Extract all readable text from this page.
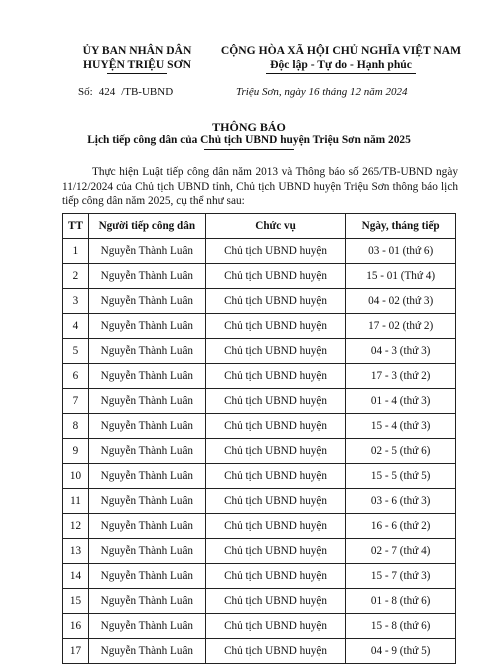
ỦY BAN NHÂN DÂN
HUYỆN TRIỆU SƠN
CỘNG HÒA XÃ HỘI CHỦ NGHĨA VIỆT NAM
Độc lập - Tự do - Hạnh phúc
Số: 424 /TB-UBND	Triệu Sơn, ngày 16 tháng 12 năm 2024
THÔNG BÁO
Lịch tiếp công dân của Chủ tịch UBND huyện Triệu Sơn năm 2025

Thực hiện Luật tiếp công dân năm 2013 và Thông báo số 265/TB-UBND ngày 11/12/2024 của Chủ tịch UBND tỉnh, Chủ tịch UBND huyện Triệu Sơn thông báo lịch tiếp công dân năm 2025, cụ thể như sau:

TT	Người tiếp công dân	Chức vụ	Ngày, tháng tiếp
1	Nguyễn Thành Luân	Chủ tịch UBND huyện	03 - 01 (thứ 6)
2	Nguyễn Thành Luân	Chủ tịch UBND huyện	15 - 01 (Thứ 4)
3	Nguyễn Thành Luân	Chủ tịch UBND huyện	04 - 02 (thứ 3)
4	Nguyễn Thành Luân	Chủ tịch UBND huyện	17 - 02 (thứ 2)
5	Nguyễn Thành Luân	Chủ tịch UBND huyện	04 - 3 (thứ 3)
6	Nguyễn Thành Luân	Chủ tịch UBND huyện	17 - 3 (thứ 2)
7	Nguyễn Thành Luân	Chủ tịch UBND huyện	01 - 4 (thứ 3)
8	Nguyễn Thành Luân	Chủ tịch UBND huyện	15 - 4 (thứ 3)
9	Nguyễn Thành Luân	Chủ tịch UBND huyện	02 - 5 (thứ 6)
10	Nguyễn Thành Luân	Chủ tịch UBND huyện	15 - 5 (thứ 5)
11	Nguyễn Thành Luân	Chủ tịch UBND huyện	03 - 6 (thứ 3)
12	Nguyễn Thành Luân	Chủ tịch UBND huyện	16 - 6 (thứ 2)
13	Nguyễn Thành Luân	Chủ tịch UBND huyện	02 - 7 (thứ 4)
14	Nguyễn Thành Luân	Chủ tịch UBND huyện	15 - 7 (thứ 3)
15	Nguyễn Thành Luân	Chủ tịch UBND huyện	01 - 8 (thứ 6)
16	Nguyễn Thành Luân	Chủ tịch UBND huyện	15 - 8 (thứ 6)
17	Nguyễn Thành Luân	Chủ tịch UBND huyện	04 - 9 (thứ 5)
